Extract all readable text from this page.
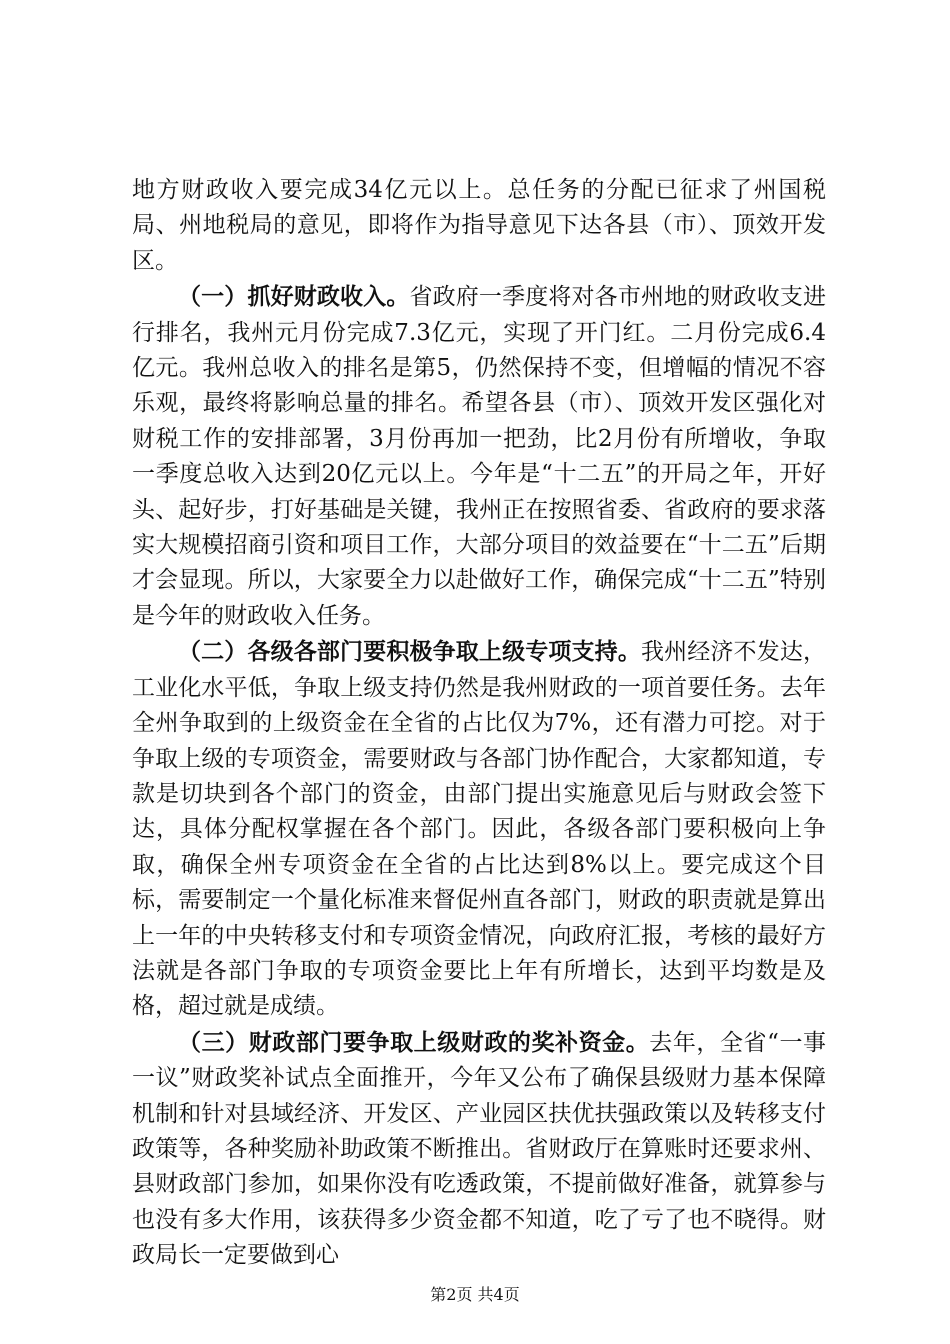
地方财政收入要完成34亿元以上。总任务的分配已征求了州国税局、州地税局的意见，即将作为指导意见下达各县（市）、顶效开发区。

（一）抓好财政收入。省政府一季度将对各市州地的财政收支进行排名，我州元月份完成7.3亿元，实现了开门红。二月份完成6.4亿元。我州总收入的排名是第5，仍然保持不变，但增幅的情况不容乐观，最终将影响总量的排名。希望各县（市）、顶效开发区强化对财税工作的安排部署，3月份再加一把劲，比2月份有所增收，争取一季度总收入达到20亿元以上。今年是“十二五”的开局之年，开好头、起好步，打好基础是关键，我州正在按照省委、省政府的要求落实大规模招商引资和项目工作，大部分项目的效益要在“十二五”后期才会显现。所以，大家要全力以赴做好工作，确保完成“十二五”特别是今年的财政收入任务。

（二）各级各部门要积极争取上级专项支持。我州经济不发达，工业化水平低，争取上级支持仍然是我州财政的一项首要任务。去年全州争取到的上级资金在全省的占比仅为7%，还有潜力可挖。对于争取上级的专项资金，需要财政与各部门协作配合，大家都知道，专款是切块到各个部门的资金，由部门提出实施意见后与财政会签下达，具体分配权掌握在各个部门。因此，各级各部门要积极向上争取，确保全州专项资金在全省的占比达到8%以上。要完成这个目标，需要制定一个量化标准来督促州直各部门，财政的职责就是算出上一年的中央转移支付和专项资金情况，向政府汇报，考核的最好方法就是各部门争取的专项资金要比上年有所增长，达到平均数是及格，超过就是成绩。

（三）财政部门要争取上级财政的奖补资金。去年，全省“一事一议”财政奖补试点全面推开，今年又公布了确保县级财力基本保障机制和针对县域经济、开发区、产业园区扶优扶强政策以及转移支付政策等，各种奖励补助政策不断推出。省财政厅在算账时还要求州、县财政部门参加，如果你没有吃透政策，不提前做好准备，就算参与也没有多大作用，该获得多少资金都不知道，吃了亏了也不晓得。财政局长一定要做到心

第2页 共4页
